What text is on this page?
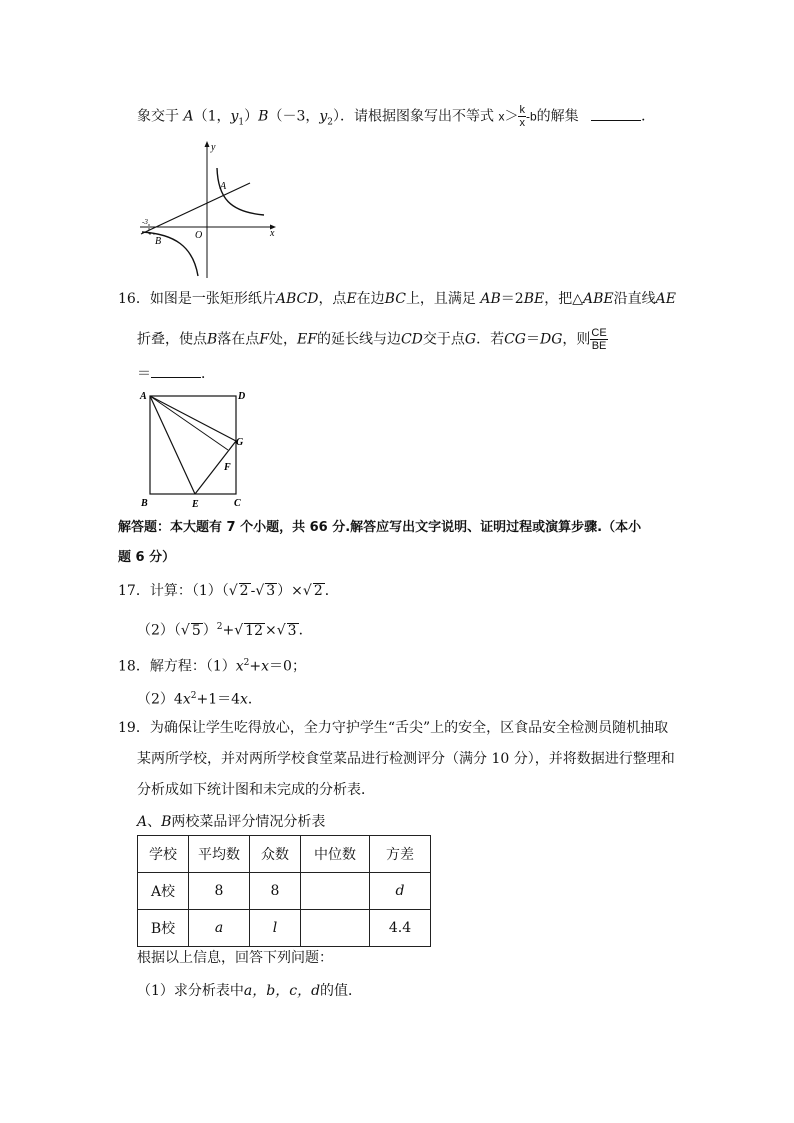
象交于 A（1，$y_1)B(-3$，$y_2$）．请根据图象写出不等式 $x> \frac{k}{x} -b$的解集	．
y
x
O
A
B
-3
16．如图是一张矩形纸片ABCD，点E在边BC上，且满足 AB＝2BE，把△ABE沿直线AE
折叠，使点B落在点F处，EF的延长线与边CD交于点G．若CG＝DG，则 $\frac{CE}{BE}$
＝	．
A	D
G
F
B	E	C
解答题：本大题有 7 个小题，共 66 分.解答应写出文字说明、证明过程或演算步骤.（本小
题 6 分）
17．计算：（1）（√ 2 -√ 3 ）×√ 2 ．
（2）（√ 5 ）$^2$+√ 12 ×√ 3 ．
18．解方程：$(1)x^2+x=0$；
$(2)4x^2+1=4x$．
19．为确保让学生吃得放心，全力守护学生“舌尖”上的安全，区食品安全检测员随机抽取
某两所学校，并对两所学校食堂菜品进行检测评分（满分 10 分），并将数据进行整理和
分析成如下统计图和未完成的分析表．
A、B两校菜品评分情况分析表
学校	平均数	众数	中位数	方差
A校	8	8		d
B校	a	l		4.4
根据以上信息，回答下列问题：
（1）求分析表中a，b，c，d的值．
